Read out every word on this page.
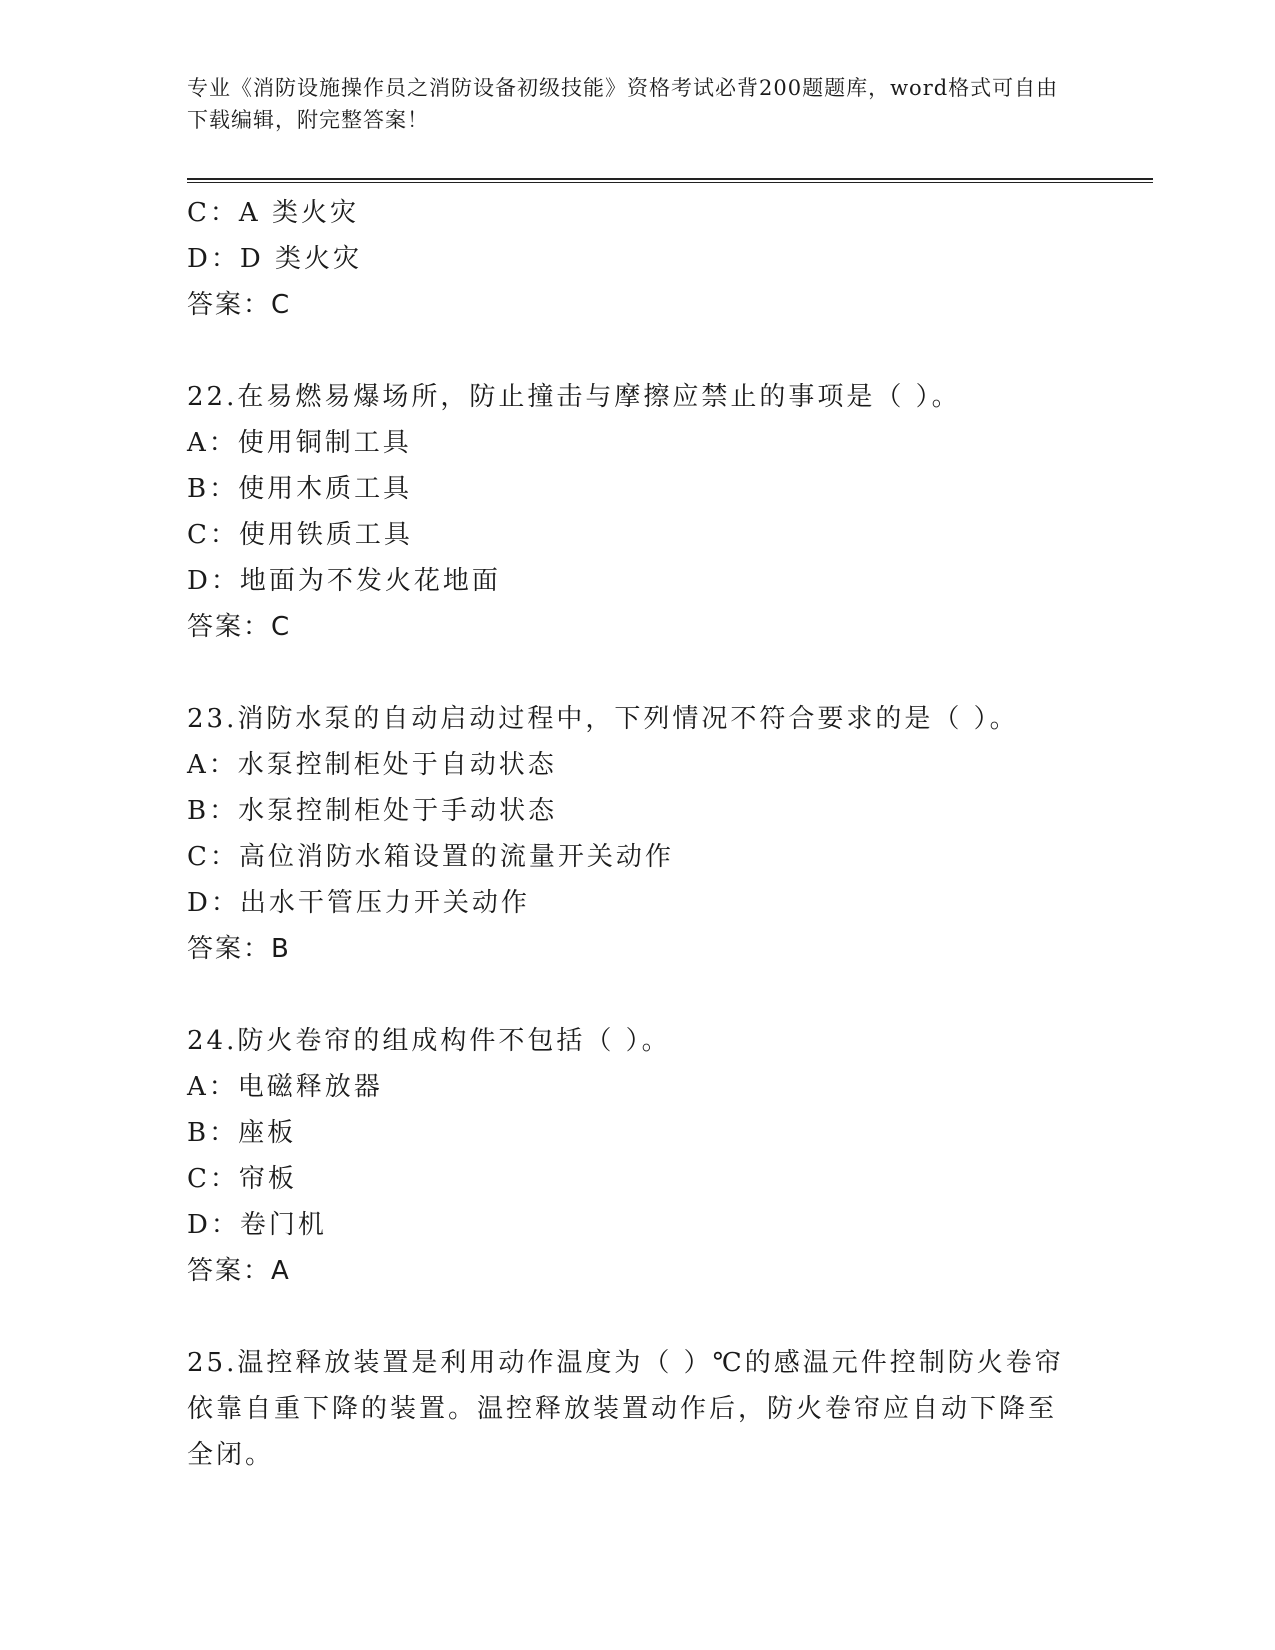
专业《消防设施操作员之消防设备初级技能》资格考试必背200题题库，word格式可自由下载编辑，附完整答案！
C：A 类火灾
D：D 类火灾
答案：C
22.在易燃易爆场所，防止撞击与摩擦应禁止的事项是（ ）。
A：使用铜制工具
B：使用木质工具
C：使用铁质工具
D：地面为不发火花地面
答案：C
23.消防水泵的自动启动过程中，下列情况不符合要求的是（ ）。
A：水泵控制柜处于自动状态
B：水泵控制柜处于手动状态
C：高位消防水箱设置的流量开关动作
D：出水干管压力开关动作
答案：B
24.防火卷帘的组成构件不包括（ ）。
A：电磁释放器
B：座板
C：帘板
D：卷门机
答案：A
25.温控释放装置是利用动作温度为（ ）℃的感温元件控制防火卷帘依靠自重下降的装置。温控释放装置动作后，防火卷帘应自动下降至全闭。
